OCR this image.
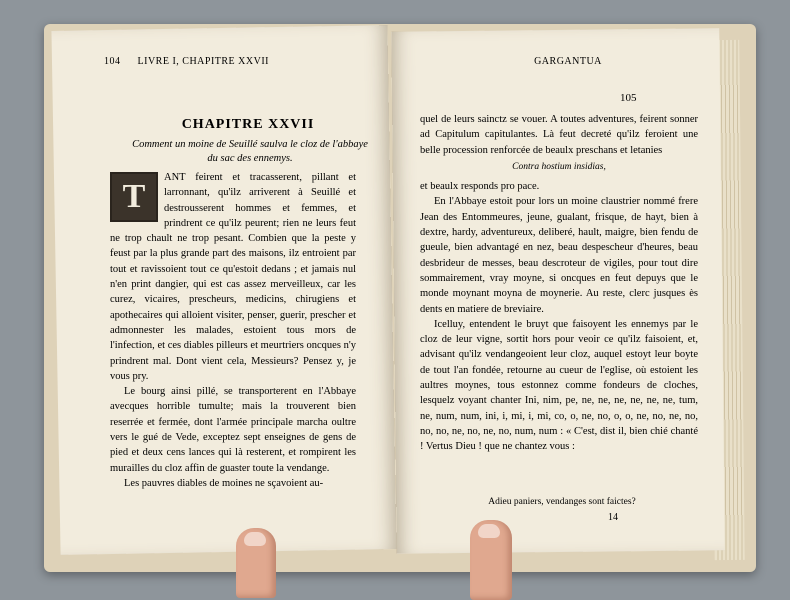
104 LIVRE I, CHAPITRE XXVII	GARGANTUA
105
CHAPITRE XXVII
Comment un moine de Seuillé saulva le cloz de l'abbaye du sac des ennemys.
T

ANT feirent et tracasserent, pillant et larronnant, qu'ilz arriverent à Seuillé et destrousserent hommes et femmes, et prindrent ce qu'ilz peurent; rien ne leurs feut ne trop chault ne trop pesant. Combien que la peste y feust par la plus grande part des maisons, ilz entroient par tout et ravissoient tout ce qu'estoit dedans ; et jamais nul n'en print dangier, qui est cas assez merveilleux, car les curez, vicaires, prescheurs, medicins, chirugiens et apothecaires qui alloient visiter, penser, guerir, prescher et admonnester les malades, estoient tous mors de l'infection, et ces diables pilleurs et meurtriers oncques n'y prindrent mal. Dont vient cela, Messieurs? Pensez y, je vous pry.

Le bourg ainsi pillé, se transporterent en l'Abbaye avecques horrible tumulte; mais la trouverent bien reserrée et fermée, dont l'armée principale marcha oultre vers le gué de Vede, exceptez sept enseignes de gens de pied et deux cens lances qui là resterent, et rompirent les murailles du cloz affin de guaster toute la vendange.

Les pauvres diables de moines ne sçavoient au-

quel de leurs sainctz se vouer. A toutes adventures, feirent sonner ad Capitulum capitulantes. Là feut decreté qu'ilz feroient une belle procession renforcée de beaulx preschans et letanies

Contra hostium insidias,

et beaulx responds pro pace.

En l'Abbaye estoit pour lors un moine claustrier nommé frere Jean des Entommeures, jeune, gualant, frisque, de hayt, bien à dextre, hardy, adventureux, deliberé, hault, maigre, bien fendu de gueule, bien advantagé en nez, beau despescheur d'heures, beau desbrideur de messes, beau descroteur de vigiles, pour tout dire sommairement, vray moyne, si oncques en feut depuys que le monde moynant moyna de moynerie. Au reste, clerc jusques ès dents en matiere de breviaire.

Icelluy, entendent le bruyt que faisoyent les ennemys par le cloz de leur vigne, sortit hors pour veoir ce qu'ilz faisoient, et, advisant qu'ilz vendangeoient leur cloz, auquel estoyt leur boyte de tout l'an fondée, retourne au cueur de l'eglise, où estoient les aultres moynes, tous estonnez comme fondeurs de cloches, lesquelz voyant chanter Ini, nim, pe, ne, ne, ne, ne, ne, ne, tum, ne, num, num, ini, i, mi, i, mi, co, o, ne, no, o, o, ne, no, ne, no, no, no, ne, no, ne, no, num, num : « C'est, dist il, bien chié chanté ! Vertus Dieu ! que ne chantez vous :

Adieu paniers, vendanges sont faictes?
14
